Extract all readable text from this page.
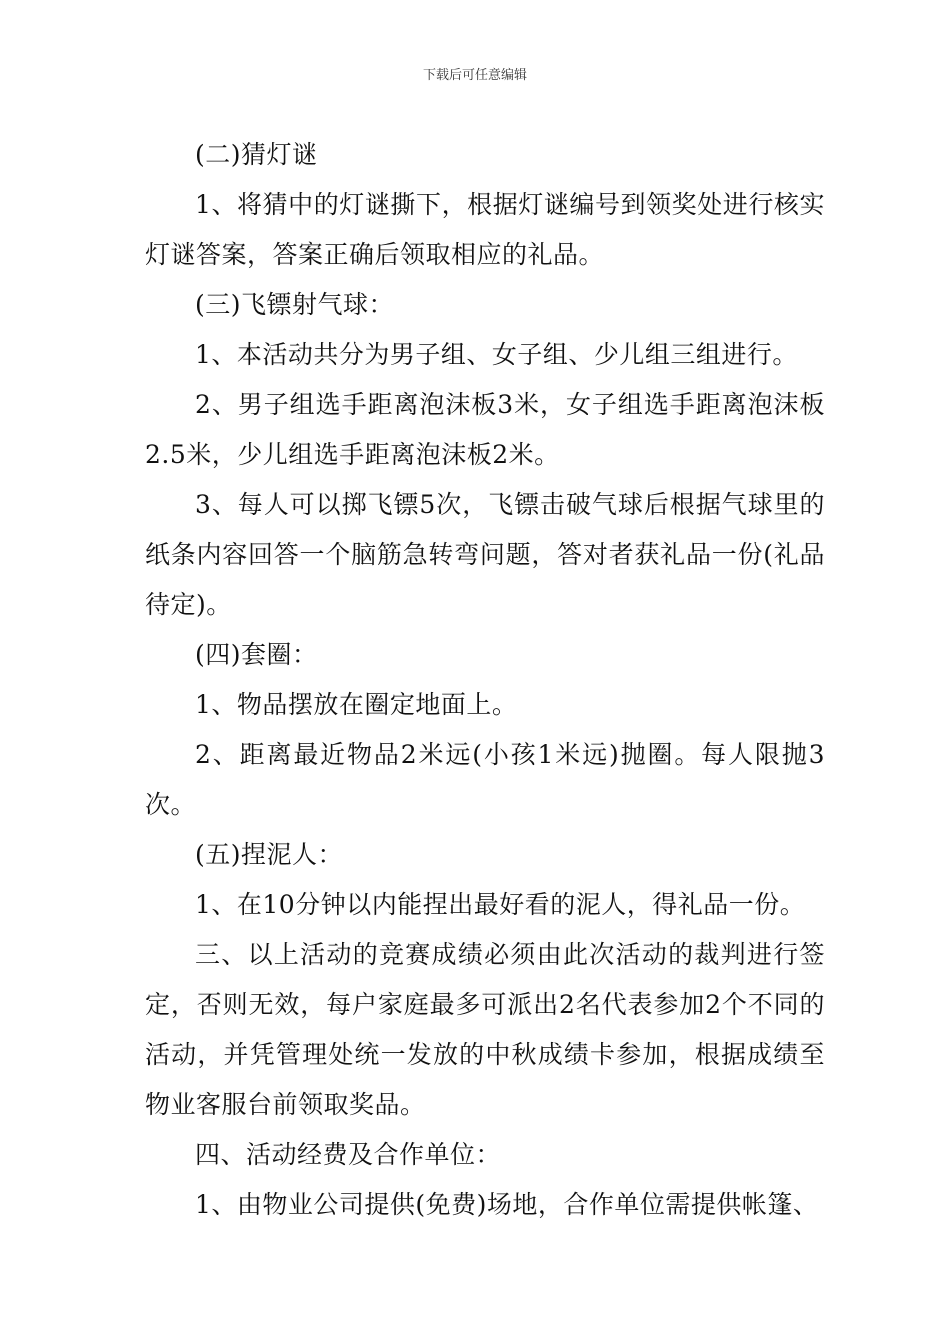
下载后可任意编辑

(二)猜灯谜

1、将猜中的灯谜撕下，根据灯谜编号到领奖处进行核实灯谜答案，答案正确后领取相应的礼品。

(三)飞镖射气球：

1、本活动共分为男子组、女子组、少儿组三组进行。

2、男子组选手距离泡沫板3米，女子组选手距离泡沫板2.5米，少儿组选手距离泡沫板2米。

3、每人可以掷飞镖5次，飞镖击破气球后根据气球里的纸条内容回答一个脑筋急转弯问题，答对者获礼品一份(礼品待定)。

(四)套圈：

1、物品摆放在圈定地面上。

2、距离最近物品2米远(小孩1米远)抛圈。每人限抛3次。

(五)捏泥人：

1、在10分钟以内能捏出最好看的泥人，得礼品一份。

三、以上活动的竞赛成绩必须由此次活动的裁判进行签定，否则无效，每户家庭最多可派出2名代表参加2个不同的活动，并凭管理处统一发放的中秋成绩卡参加，根据成绩至物业客服台前领取奖品。

四、活动经费及合作单位：

1、由物业公司提供(免费)场地，合作单位需提供帐篷、
